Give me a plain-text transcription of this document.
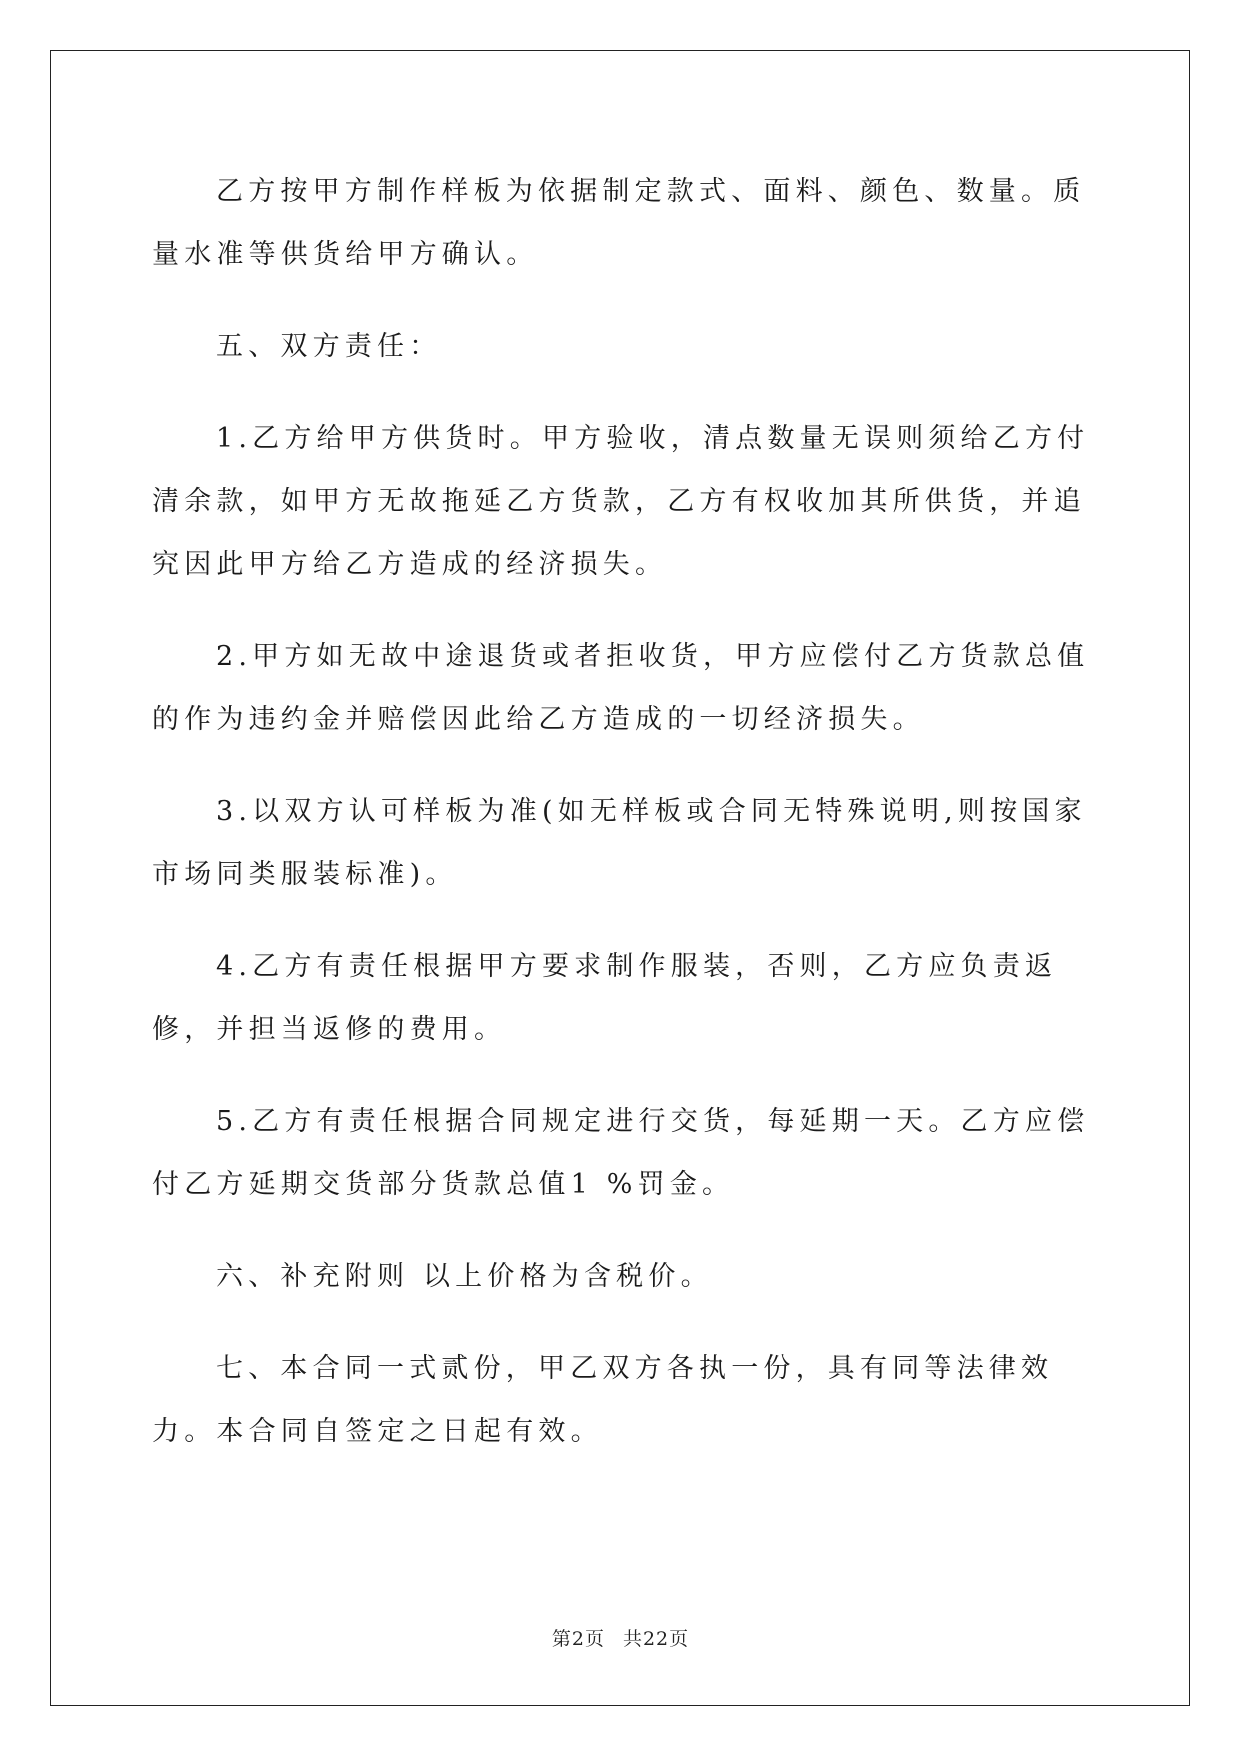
乙方按甲方制作样板为依据制定款式、面料、颜色、数量。质量水准等供货给甲方确认。

五、双方责任：

1.乙方给甲方供货时。甲方验收，清点数量无误则须给乙方付清余款，如甲方无故拖延乙方货款，乙方有权收加其所供货，并追究因此甲方给乙方造成的经济损失。

2.甲方如无故中途退货或者拒收货，甲方应偿付乙方货款总值的作为违约金并赔偿因此给乙方造成的一切经济损失。

3.以双方认可样板为准(如无样板或合同无特殊说明,则按国家市场同类服装标准)。

4.乙方有责任根据甲方要求制作服装，否则，乙方应负责返修，并担当返修的费用。

5.乙方有责任根据合同规定进行交货，每延期一天。乙方应偿付乙方延期交货部分货款总值1 %罚金。

六、补充附则 以上价格为含税价。

七、本合同一式贰份，甲乙双方各执一份，具有同等法律效力。本合同自签定之日起有效。

第2页 共22页
